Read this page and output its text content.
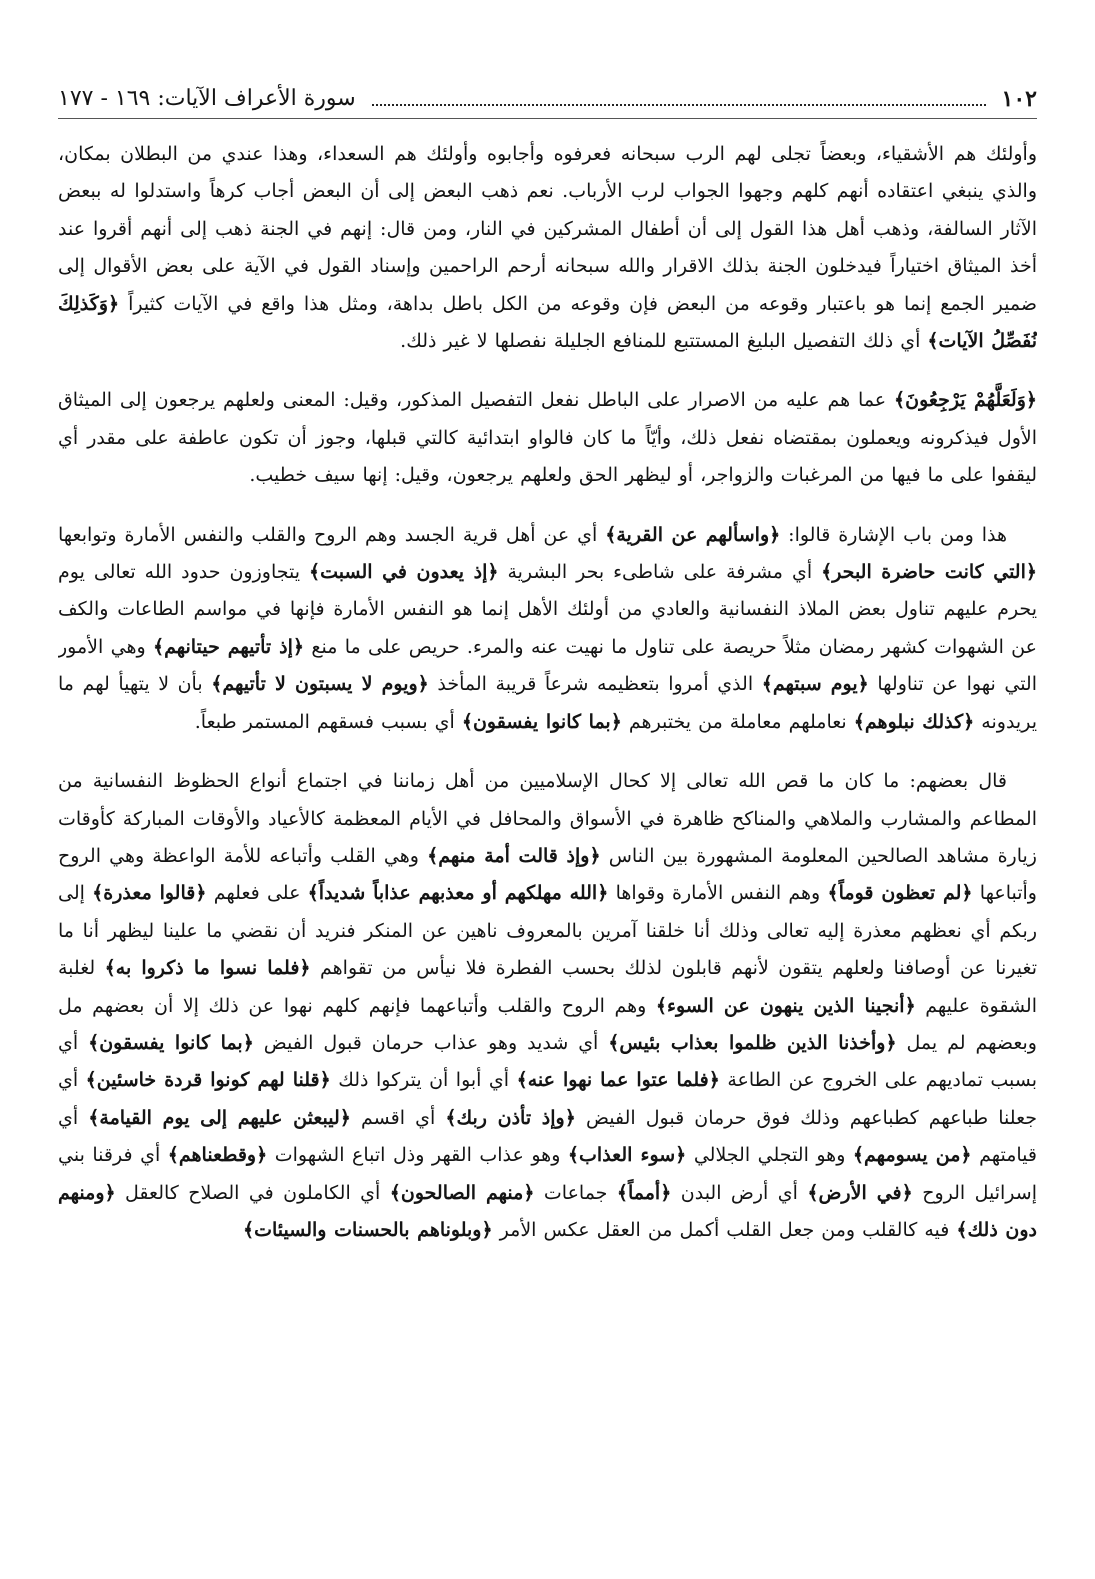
١٠٢
سورة الأعراف الآيات: ١٦٩ - ١٧٧

وأولئك هم الأشقياء، وبعضاً تجلى لهم الرب سبحانه فعرفوه وأجابوه وأولئك هم السعداء، وهذا عندي من البطلان بمكان، والذي ينبغي اعتقاده أنهم كلهم وجهوا الجواب لرب الأرباب. نعم ذهب البعض إلى أن البعض أجاب كرهاً واستدلوا له ببعض الآثار السالفة، وذهب أهل هذا القول إلى أن أطفال المشركين في النار، ومن قال: إنهم في الجنة ذهب إلى أنهم أقروا عند أخذ الميثاق اختياراً فيدخلون الجنة بذلك الاقرار والله سبحانه أرحم الراحمين وإسناد القول في الآية على بعض الأقوال إلى ضمير الجمع إنما هو باعتبار وقوعه من البعض فإن وقوعه من الكل باطل بداهة، ومثل هذا واقع في الآيات كثيراً ﴿وَكَذلِكَ نُفَصِّلُ الآيات﴾ أي ذلك التفصيل البليغ المستتبع للمنافع الجليلة نفصلها لا غير ذلك.

﴿وَلَعَلَّهُمْ يَرْجِعُونَ﴾ عما هم عليه من الاصرار على الباطل نفعل التفصيل المذكور، وقيل: المعنى ولعلهم يرجعون إلى الميثاق الأول فيذكرونه ويعملون بمقتضاه نفعل ذلك، وأيّاً ما كان فالواو ابتدائية كالتي قبلها، وجوز أن تكون عاطفة على مقدر أي ليقفوا على ما فيها من المرغبات والزواجر، أو ليظهر الحق ولعلهم يرجعون، وقيل: إنها سيف خطيب.

هذا ومن باب الإشارة قالوا: ﴿واسألهم عن القرية﴾ أي عن أهل قرية الجسد وهم الروح والقلب والنفس الأمارة وتوابعها ﴿التي كانت حاضرة البحر﴾ أي مشرفة على شاطىء بحر البشرية ﴿إذ يعدون في السبت﴾ يتجاوزون حدود الله تعالى يوم يحرم عليهم تناول بعض الملاذ النفسانية والعادي من أولئك الأهل إنما هو النفس الأمارة فإنها في مواسم الطاعات والكف عن الشهوات كشهر رمضان مثلاً حريصة على تناول ما نهيت عنه والمرء. حريص على ما منع ﴿إذ تأتيهم حيتانهم﴾ وهي الأمور التي نهوا عن تناولها ﴿يوم سبتهم﴾ الذي أمروا بتعظيمه شرعاً قريبة المأخذ ﴿ويوم لا يسبتون لا تأتيهم﴾ بأن لا يتهيأ لهم ما يريدونه ﴿كذلك نبلوهم﴾ نعاملهم معاملة من يختبرهم ﴿بما كانوا يفسقون﴾ أي بسبب فسقهم المستمر طبعاً.

قال بعضهم: ما كان ما قص الله تعالى إلا كحال الإسلاميين من أهل زماننا في اجتماع أنواع الحظوظ النفسانية من المطاعم والمشارب والملاهي والمناكح ظاهرة في الأسواق والمحافل في الأيام المعظمة كالأعياد والأوقات المباركة كأوقات زيارة مشاهد الصالحين المعلومة المشهورة بين الناس ﴿وإذ قالت أمة منهم﴾ وهي القلب وأتباعه للأمة الواعظة وهي الروح وأتباعها ﴿لم تعظون قوماً﴾ وهم النفس الأمارة وقواها ﴿الله مهلكهم أو معذبهم عذاباً شديداً﴾ على فعلهم ﴿قالوا معذرة﴾ إلى ربكم أي نعظهم معذرة إليه تعالى وذلك أنا خلقنا آمرين بالمعروف ناهين عن المنكر فنريد أن نقضي ما علينا ليظهر أنا ما تغيرنا عن أوصافنا ولعلهم يتقون لأنهم قابلون لذلك بحسب الفطرة فلا نيأس من تقواهم ﴿فلما نسوا ما ذكروا به﴾ لغلبة الشقوة عليهم ﴿أنجينا الذين ينهون عن السوء﴾ وهم الروح والقلب وأتباعهما فإنهم كلهم نهوا عن ذلك إلا أن بعضهم مل وبعضهم لم يمل ﴿وأخذنا الذين ظلموا بعذاب بئيس﴾ أي شديد وهو عذاب حرمان قبول الفيض ﴿بما كانوا يفسقون﴾ أي بسبب تماديهم على الخروج عن الطاعة ﴿فلما عتوا عما نهوا عنه﴾ أي أبوا أن يتركوا ذلك ﴿قلنا لهم كونوا قردة خاسئين﴾ أي جعلنا طباعهم كطباعهم وذلك فوق حرمان قبول الفيض ﴿وإذ تأذن ربك﴾ أي اقسم ﴿ليبعثن عليهم إلى يوم القيامة﴾ أي قيامتهم ﴿من يسومهم﴾ وهو التجلي الجلالي ﴿سوء العذاب﴾ وهو عذاب القهر وذل اتباع الشهوات ﴿وقطعناهم﴾ أي فرقنا بني إسرائيل الروح ﴿في الأرض﴾ أي أرض البدن ﴿أمماً﴾ جماعات ﴿منهم الصالحون﴾ أي الكاملون في الصلاح كالعقل ﴿ومنهم دون ذلك﴾ فيه كالقلب ومن جعل القلب أكمل من العقل عكس الأمر ﴿وبلوناهم بالحسنات والسيئات﴾
